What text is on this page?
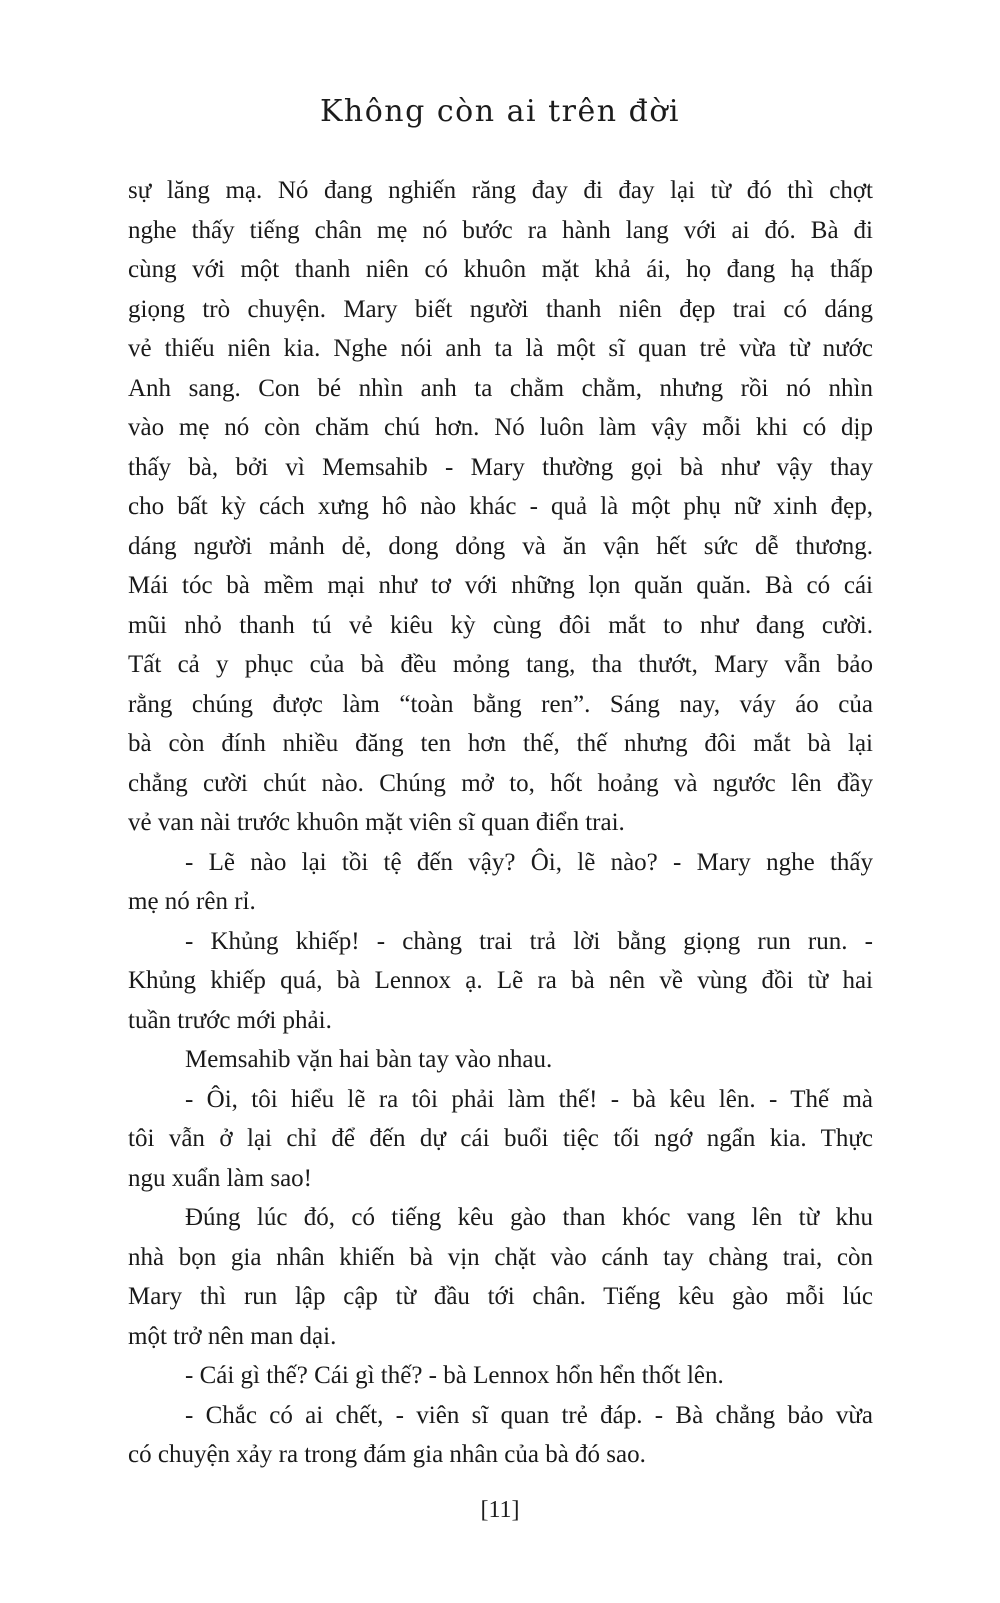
Không còn ai trên đời
sự lăng mạ. Nó đang nghiến răng đay đi đay lại từ đó thì chợt
nghe thấy tiếng chân mẹ nó bước ra hành lang với ai đó. Bà đi
cùng với một thanh niên có khuôn mặt khả ái, họ đang hạ thấp
giọng trò chuyện. Mary biết người thanh niên đẹp trai có dáng
vẻ thiếu niên kia. Nghe nói anh ta là một sĩ quan trẻ vừa từ nước
Anh sang. Con bé nhìn anh ta chằm chằm, nhưng rồi nó nhìn
vào mẹ nó còn chăm chú hơn. Nó luôn làm vậy mỗi khi có dịp
thấy bà, bởi vì Memsahib - Mary thường gọi bà như vậy thay
cho bất kỳ cách xưng hô nào khác - quả là một phụ nữ xinh đẹp,
dáng người mảnh dẻ, dong dỏng và ăn vận hết sức dễ thương.
Mái tóc bà mềm mại như tơ với những lọn quăn quăn. Bà có cái
mũi nhỏ thanh tú vẻ kiêu kỳ cùng đôi mắt to như đang cười.
Tất cả y phục của bà đều mỏng tang, tha thướt, Mary vẫn bảo
rằng chúng được làm “toàn bằng ren”. Sáng nay, váy áo của
bà còn đính nhiều đăng ten hơn thế, thế nhưng đôi mắt bà lại
chẳng cười chút nào. Chúng mở to, hốt hoảng và ngước lên đầy
vẻ van nài trước khuôn mặt viên sĩ quan điển trai.
- Lẽ nào lại tồi tệ đến vậy? Ôi, lẽ nào? - Mary nghe thấy
mẹ nó rên rỉ.
- Khủng khiếp! - chàng trai trả lời bằng giọng run run. -
Khủng khiếp quá, bà Lennox ạ. Lẽ ra bà nên về vùng đồi từ hai
tuần trước mới phải.
Memsahib vặn hai bàn tay vào nhau.
- Ôi, tôi hiểu lẽ ra tôi phải làm thế! - bà kêu lên. - Thế mà
tôi vẫn ở lại chỉ để đến dự cái buổi tiệc tối ngớ ngẩn kia. Thực
ngu xuẩn làm sao!
Đúng lúc đó, có tiếng kêu gào than khóc vang lên từ khu
nhà bọn gia nhân khiến bà vịn chặt vào cánh tay chàng trai, còn
Mary thì run lập cập từ đầu tới chân. Tiếng kêu gào mỗi lúc
một trở nên man dại.
- Cái gì thế? Cái gì thế? - bà Lennox hổn hển thốt lên.
- Chắc có ai chết, - viên sĩ quan trẻ đáp. - Bà chẳng bảo vừa
có chuyện xảy ra trong đám gia nhân của bà đó sao.
[11]
